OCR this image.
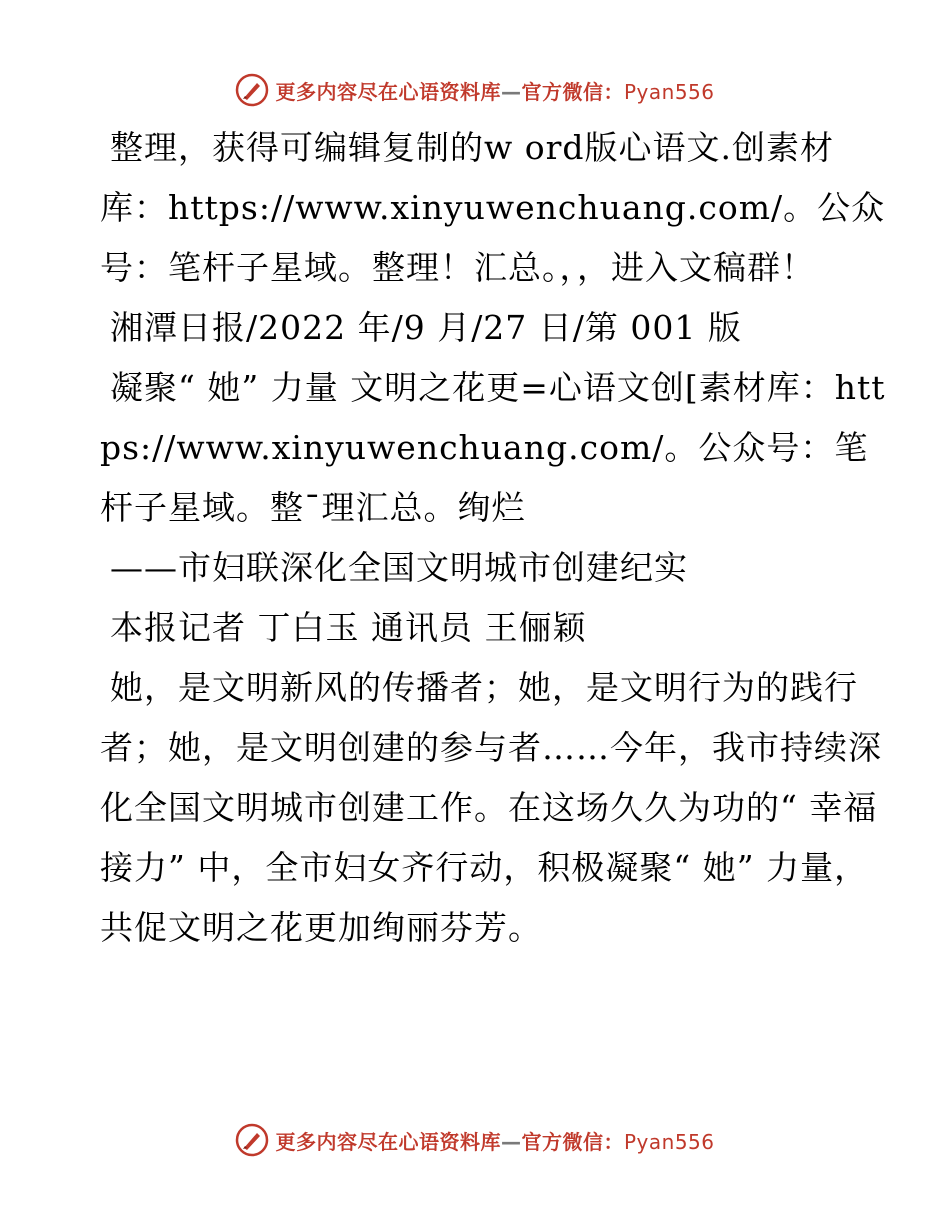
更多内容尽在心语资料库—官方微信：Pyan556

整理，获得可编辑复制的w ord版心语文.创素材库：https://www.xinyuwenchuang.com/。公众号：笔杆子星域。整理！汇总。，，进入文稿群！

湘潭日报/2022 年/9 月/27 日/第 001 版

凝聚“ 她” 力量 文明之花更=心语文创[素材库：https://www.xinyuwenchuang.com/。公众号：笔杆子星域。整¯理汇总。绚烂

——市妇联深化全国文明城市创建纪实

本报记者 丁白玉 通讯员 王俪颖

她，是文明新风的传播者；她，是文明行为的践行者；她，是文明创建的参与者……今年，我市持续深化全国文明城市创建工作。在这场久久为功的“ 幸福接力” 中，全市妇女齐行动，积极凝聚“ 她” 力量，共促文明之花更加绚丽芬芳。

更多内容尽在心语资料库—官方微信：Pyan556
